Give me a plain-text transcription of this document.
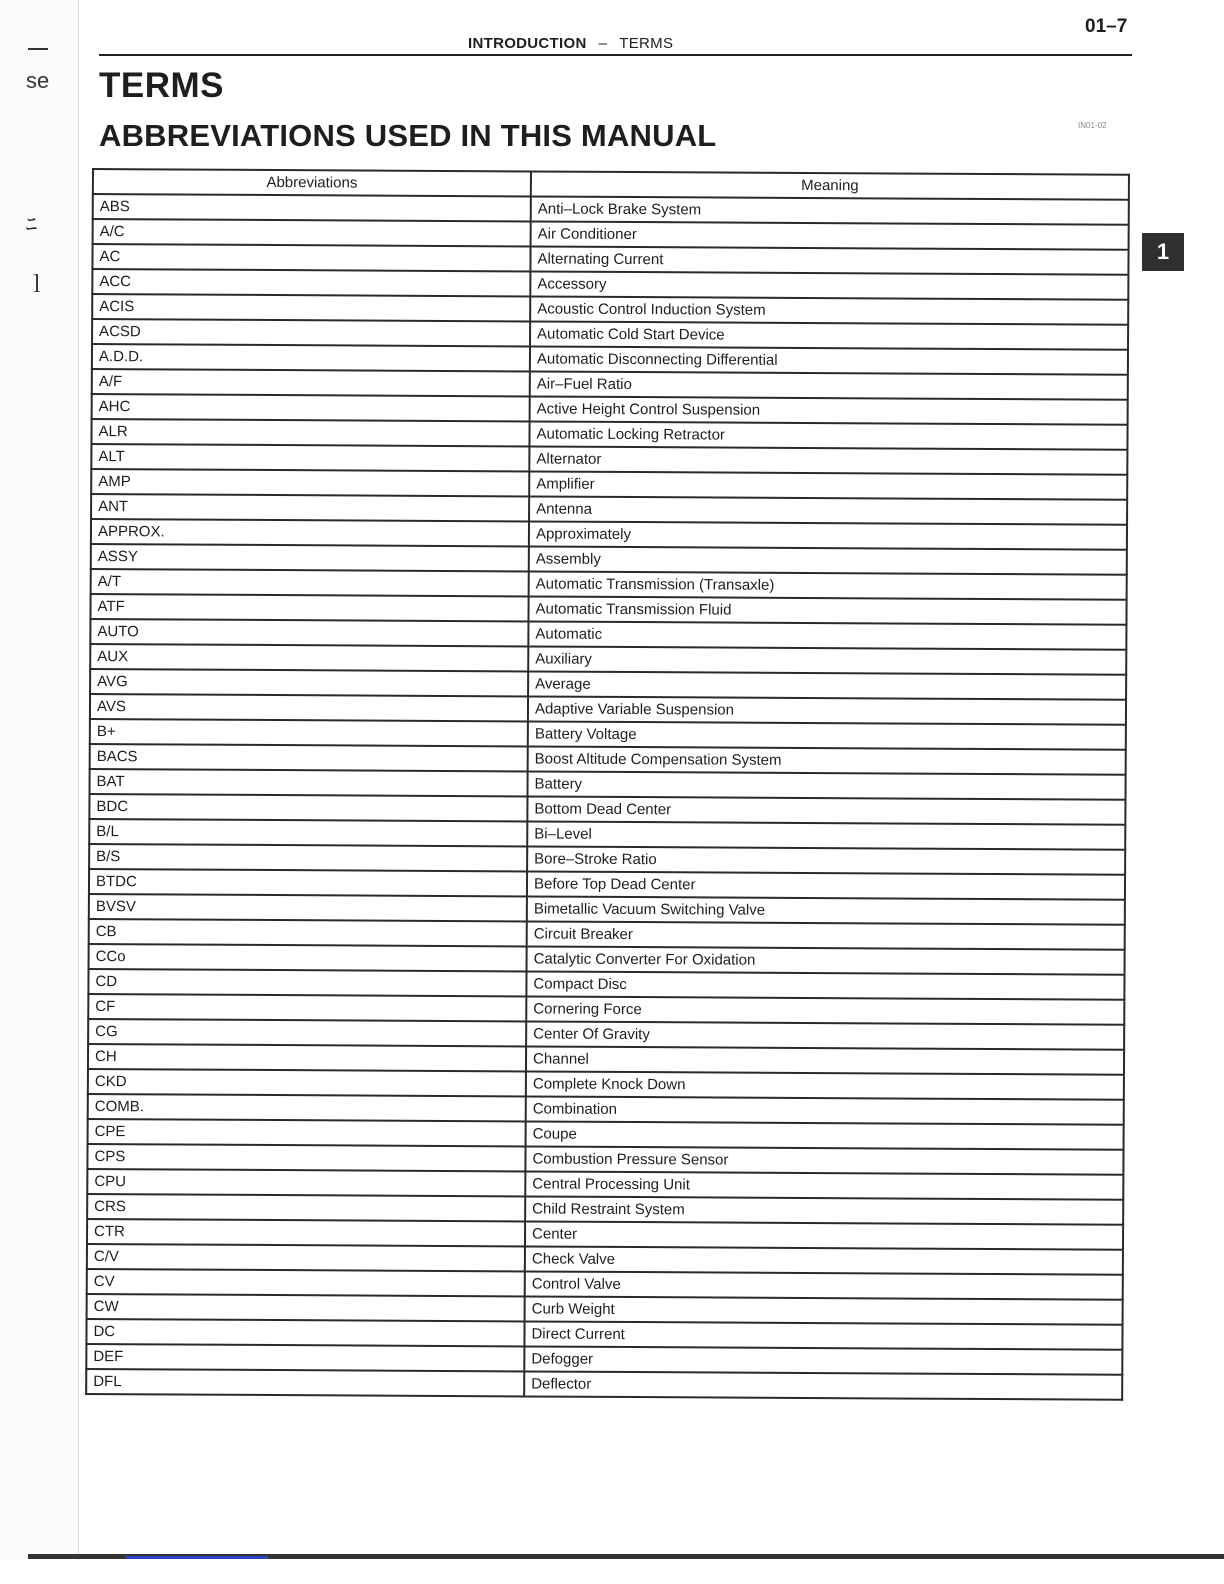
se
ﾆ
ｌ
INTRODUCTION – TERMS
01–7
TERMS
ABBREVIATIONS USED IN THIS MANUAL	IN01-02
1
Abbreviations	Meaning
ABS	Anti–Lock Brake System
A/C	Air Conditioner
AC	Alternating Current
ACC	Accessory
ACIS	Acoustic Control Induction System
ACSD	Automatic Cold Start Device
A.D.D.	Automatic Disconnecting Differential
A/F	Air–Fuel Ratio
AHC	Active Height Control Suspension
ALR	Automatic Locking Retractor
ALT	Alternator
AMP	Amplifier
ANT	Antenna
APPROX.	Approximately
ASSY	Assembly
A/T	Automatic Transmission (Transaxle)
ATF	Automatic Transmission Fluid
AUTO	Automatic
AUX	Auxiliary
AVG	Average
AVS	Adaptive Variable Suspension
B+	Battery Voltage
BACS	Boost Altitude Compensation System
BAT	Battery
BDC	Bottom Dead Center
B/L	Bi–Level
B/S	Bore–Stroke Ratio
BTDC	Before Top Dead Center
BVSV	Bimetallic Vacuum Switching Valve
CB	Circuit Breaker
CCo	Catalytic Converter For Oxidation
CD	Compact Disc
CF	Cornering Force
CG	Center Of Gravity
CH	Channel
CKD	Complete Knock Down
COMB.	Combination
CPE	Coupe
CPS	Combustion Pressure Sensor
CPU	Central Processing Unit
CRS	Child Restraint System
CTR	Center
C/V	Check Valve
CV	Control Valve
CW	Curb Weight
DC	Direct Current
DEF	Defogger
DFL	Deflector
